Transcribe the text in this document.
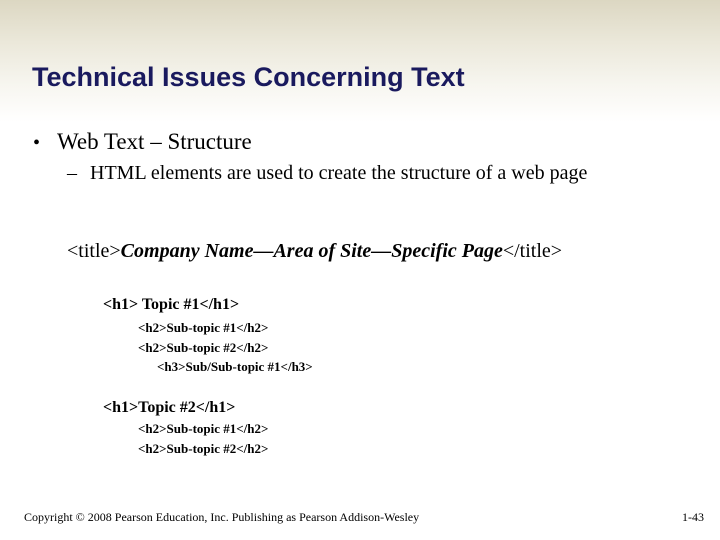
Technical Issues Concerning Text
• Web Text – Structure
– HTML elements are used to create the structure of a web page
<title>Company Name—Area of Site—Specific Page</title>
<h1> Topic #1</h1>
<h2>Sub-topic #1</h2>
<h2>Sub-topic #2</h2>
<h3>Sub/Sub-topic #1</h3>
<h1>Topic #2</h1>
<h2>Sub-topic #1</h2>
<h2>Sub-topic #2</h2>
Copyright © 2008 Pearson Education, Inc. Publishing as Pearson Addison-Wesley	1-43
